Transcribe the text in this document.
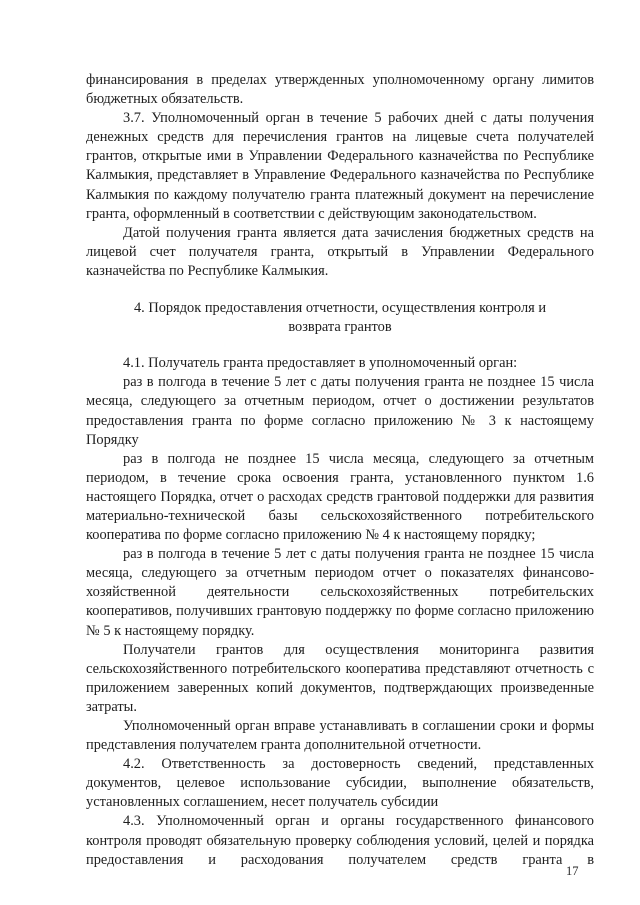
финансирования в пределах утвержденных уполномоченному органу лимитов бюджетных обязательств.

3.7. Уполномоченный орган в течение 5 рабочих дней с даты получения денежных средств для перечисления грантов на лицевые счета получателей грантов, открытые ими в Управлении Федерального казначейства по Республике Калмыкия, представляет в Управление Федерального казначейства по Республике Калмыкия по каждому получателю гранта платежный документ на перечисление гранта, оформленный в соответствии с действующим законодательством.

Датой получения гранта является дата зачисления бюджетных средств на лицевой счет получателя гранта, открытый в Управлении Федерального казначейства по Республике Калмыкия.

4. Порядок предоставления отчетности, осуществления контроля и возврата грантов

4.1. Получатель гранта предоставляет в уполномоченный орган:

раз в полгода в течение 5 лет с даты получения гранта не позднее 15 числа месяца, следующего за отчетным периодом, отчет о достижении результатов предоставления гранта по форме согласно приложению № 3 к настоящему Порядку

раз в полгода не позднее 15 числа месяца, следующего за отчетным периодом, в течение срока освоения гранта, установленного пунктом 1.6 настоящего Порядка, отчет о расходах средств грантовой поддержки для развития материально-технической базы сельскохозяйственного потребительского кооператива по форме согласно приложению № 4 к настоящему порядку;

раз в полгода в течение 5 лет с даты получения гранта не позднее 15 числа месяца, следующего за отчетным периодом отчет о показателях финансово-хозяйственной деятельности сельскохозяйственных потребительских кооперативов, получивших грантовую поддержку по форме согласно приложению № 5 к настоящему порядку.

Получатели грантов для осуществления мониторинга развития сельскохозяйственного потребительского кооператива представляют отчетность с приложением заверенных копий документов, подтверждающих произведенные затраты.

Уполномоченный орган вправе устанавливать в соглашении сроки и формы представления получателем гранта дополнительной отчетности.

4.2. Ответственность за достоверность сведений, представленных документов, целевое использование субсидии, выполнение обязательств, установленных соглашением, несет получатель субсидии

4.3. Уполномоченный орган и органы государственного финансового контроля проводят обязательную проверку соблюдения условий, целей и порядка предоставления и расходования получателем средств гранта в

17
